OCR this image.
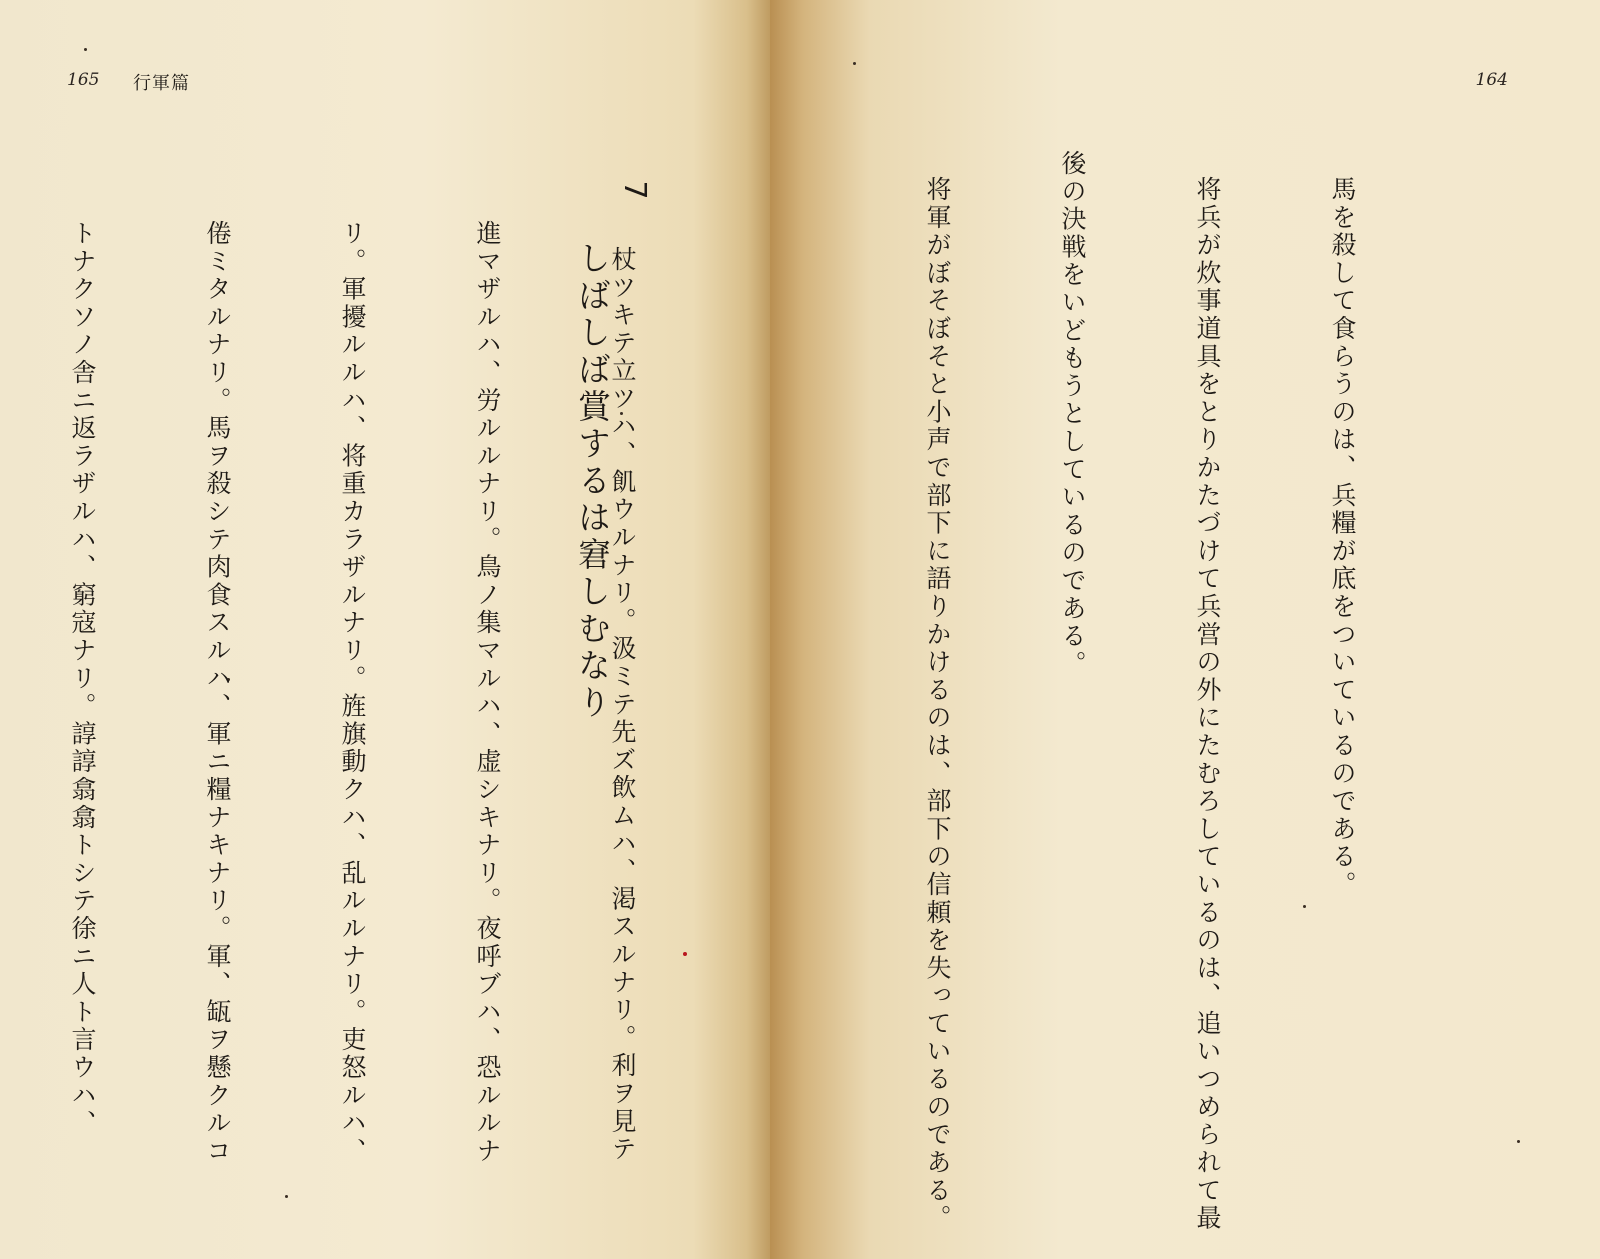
165 行軍篇

7
しばしば賞するは窘しむなり

164

馬を殺して食らうのは、兵糧が底をついているのである。

将兵が炊事道具をとりかたづけて兵営の外にたむろしているのは、追いつめられて最

後の決戦をいどもうとしているのである。

将軍がぼそぼそと小声で部下に語りかけるのは、部下の信頼を失っているのである。

杖ツキテ立ツハ、飢ウルナリ。汲ミテ先ズ飲ムハ、渇スルナリ。利ヲ見テ

進マザルハ、労ルルナリ。鳥ノ集マルハ、虚シキナリ。夜呼ブハ、恐ルルナ

リ。軍擾ルルハ、将重カラザルナリ。旌旗動クハ、乱ルルナリ。吏怒ルハ、

倦ミタルナリ。馬ヲ殺シテ肉食スルハ、軍ニ糧ナキナリ。軍、缻ヲ懸クルコ

トナクソノ舎ニ返ラザルハ、窮寇ナリ。諄諄翕翕トシテ徐ニ人ト言ウハ、
